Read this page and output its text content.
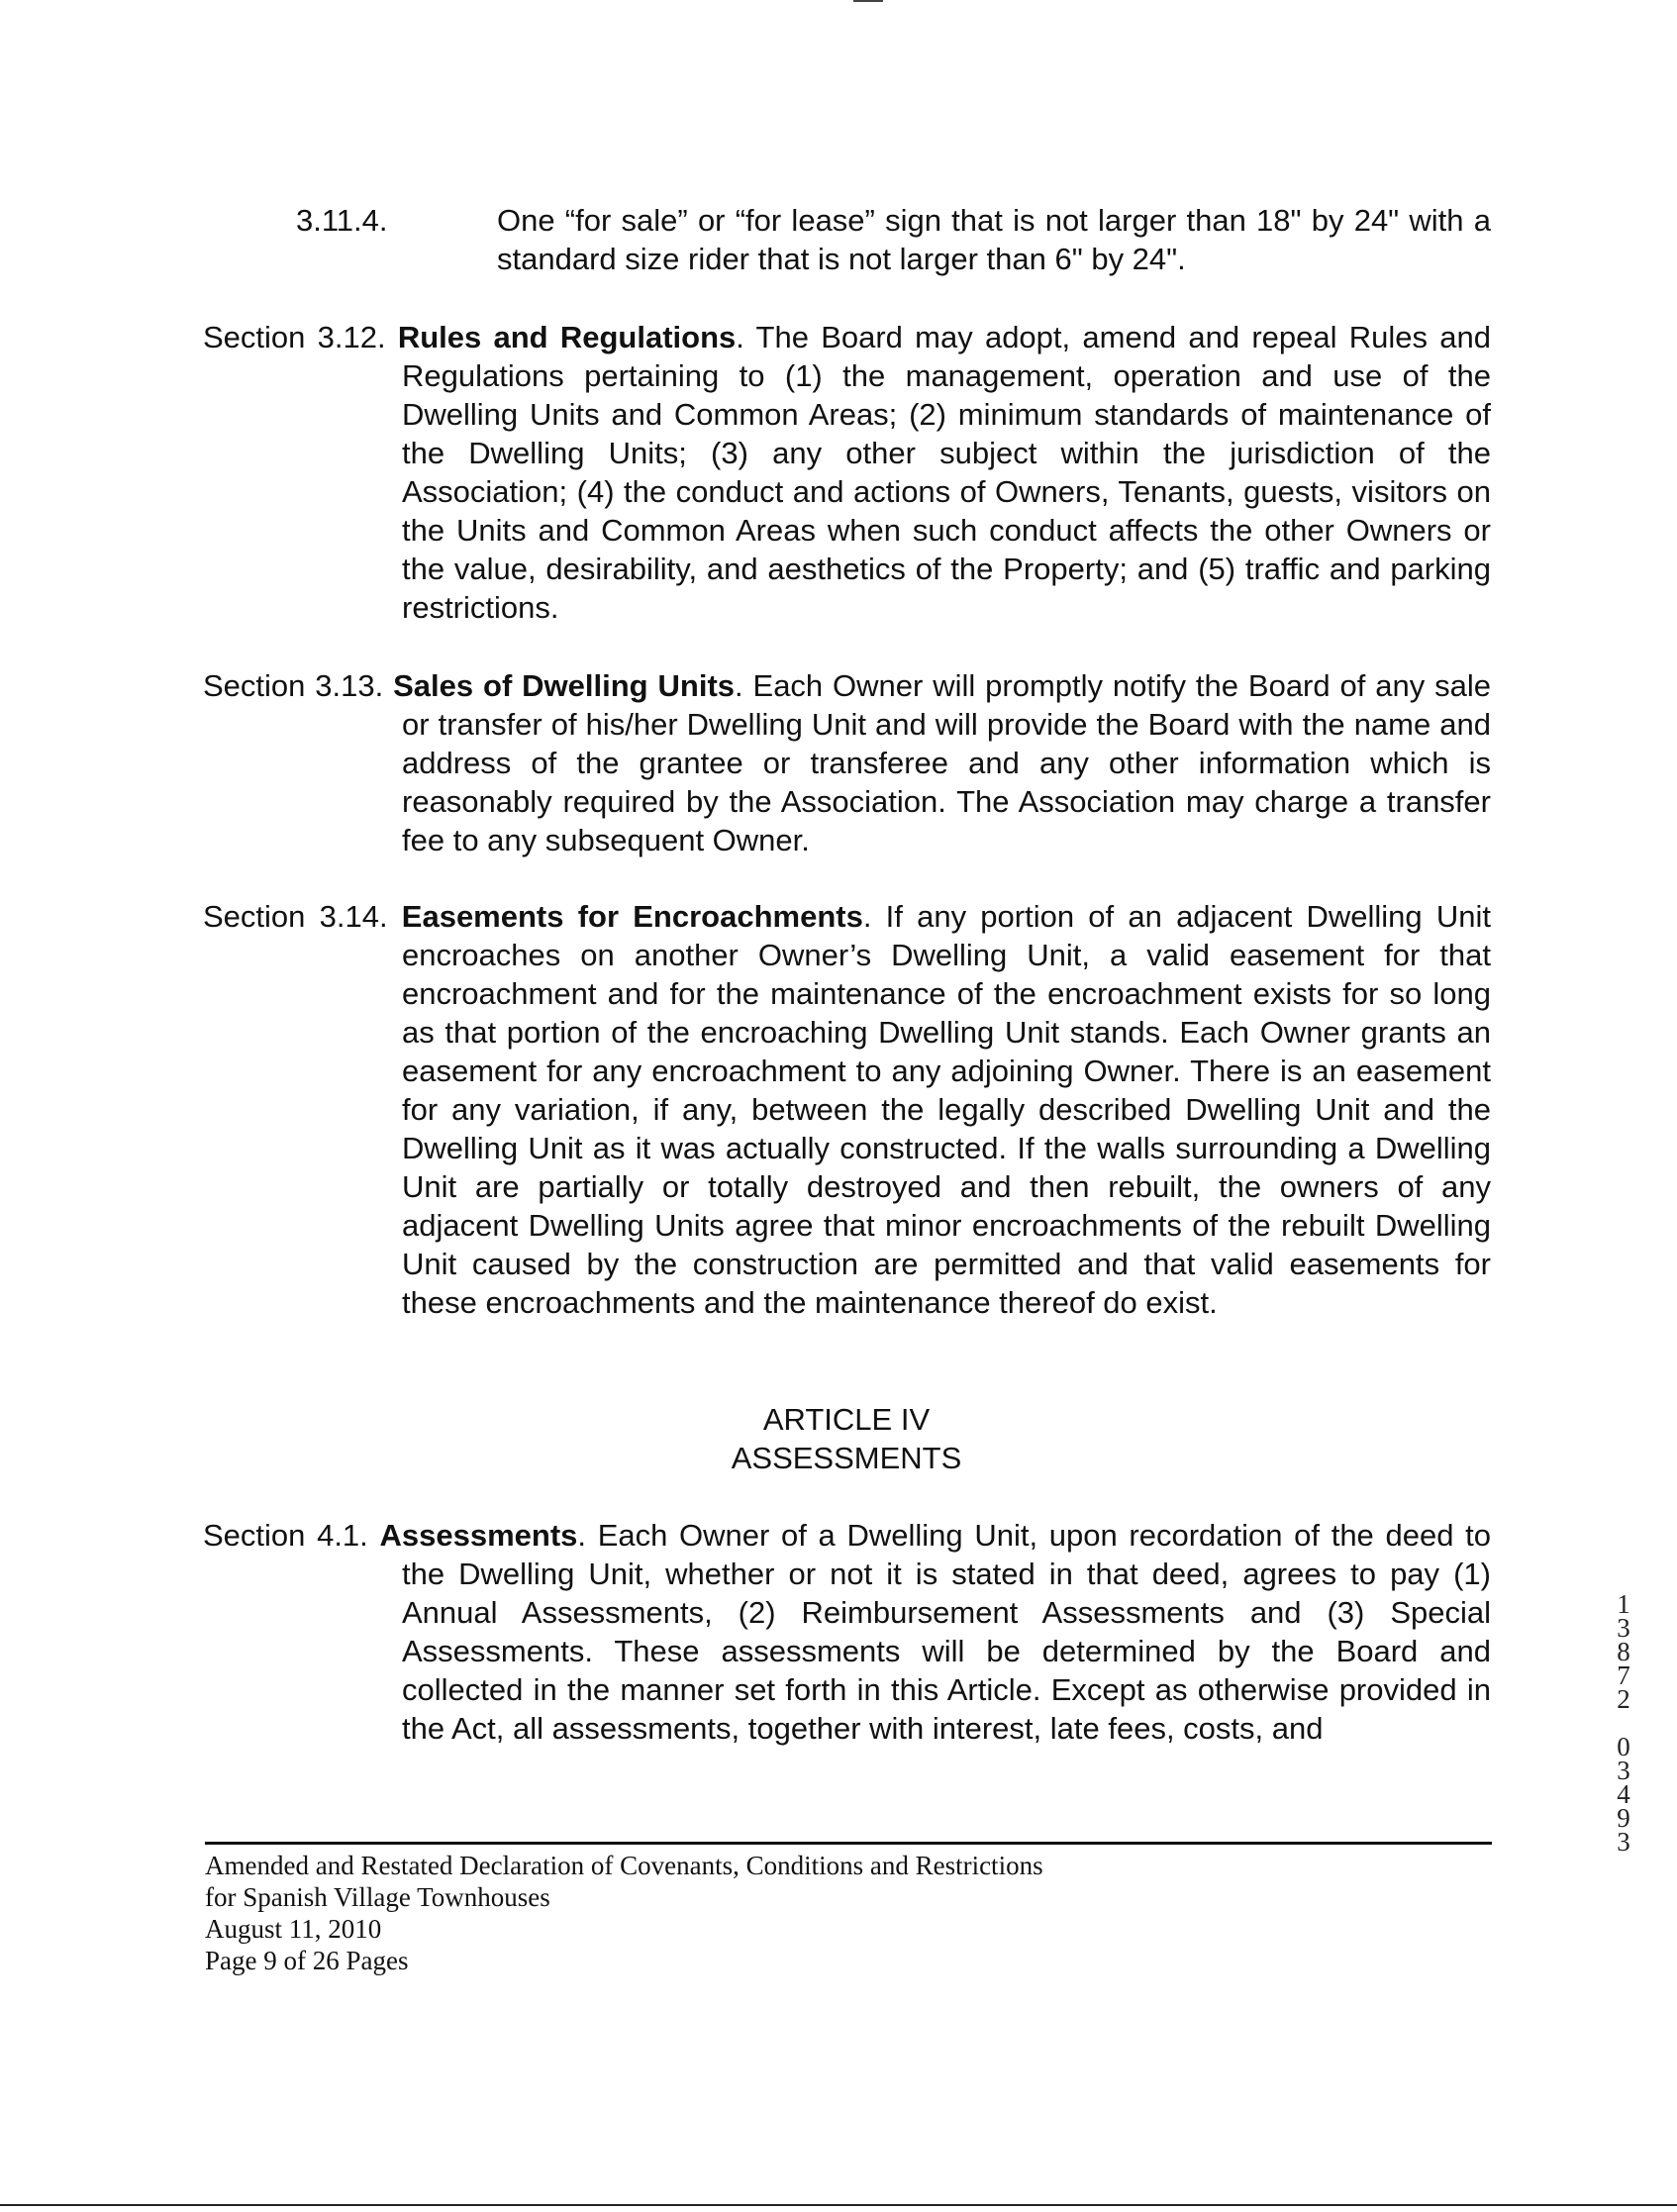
3.11.4.	One “for sale” or “for lease” sign that is not larger than 18" by 24" with a standard size rider that is not larger than 6" by 24".
Section 3.12. Rules and Regulations. The Board may adopt, amend and repeal Rules and Regulations pertaining to (1) the management, operation and use of the Dwelling Units and Common Areas; (2) minimum standards of maintenance of the Dwelling Units; (3) any other subject within the jurisdiction of the Association; (4) the conduct and actions of Owners, Tenants, guests, visitors on the Units and Common Areas when such conduct affects the other Owners or the value, desirability, and aesthetics of the Property; and (5) traffic and parking restrictions.
Section 3.13. Sales of Dwelling Units. Each Owner will promptly notify the Board of any sale or transfer of his/her Dwelling Unit and will provide the Board with the name and address of the grantee or transferee and any other information which is reasonably required by the Association. The Association may charge a transfer fee to any subsequent Owner.
Section 3.14. Easements for Encroachments. If any portion of an adjacent Dwelling Unit encroaches on another Owner’s Dwelling Unit, a valid easement for that encroachment and for the maintenance of the encroachment exists for so long as that portion of the encroaching Dwelling Unit stands. Each Owner grants an easement for any encroachment to any adjoining Owner. There is an easement for any variation, if any, between the legally described Dwelling Unit and the Dwelling Unit as it was actually constructed. If the walls surrounding a Dwelling Unit are partially or totally destroyed and then rebuilt, the owners of any adjacent Dwelling Units agree that minor encroachments of the rebuilt Dwelling Unit caused by the construction are permitted and that valid easements for these encroachments and the maintenance thereof do exist.
ARTICLE IV
ASSESSMENTS
Section 4.1. Assessments. Each Owner of a Dwelling Unit, upon recordation of the deed to the Dwelling Unit, whether or not it is stated in that deed, agrees to pay (1) Annual Assessments, (2) Reimbursement Assessments and (3) Special Assessments. These assessments will be determined by the Board and collected in the manner set forth in this Article. Except as otherwise provided in the Act, all assessments, together with interest, late fees, costs, and
1
3
8
7
2
0
3
4
9
3
Amended and Restated Declaration of Covenants, Conditions and Restrictions
for Spanish Village Townhouses
August 11, 2010
Page 9 of 26 Pages
